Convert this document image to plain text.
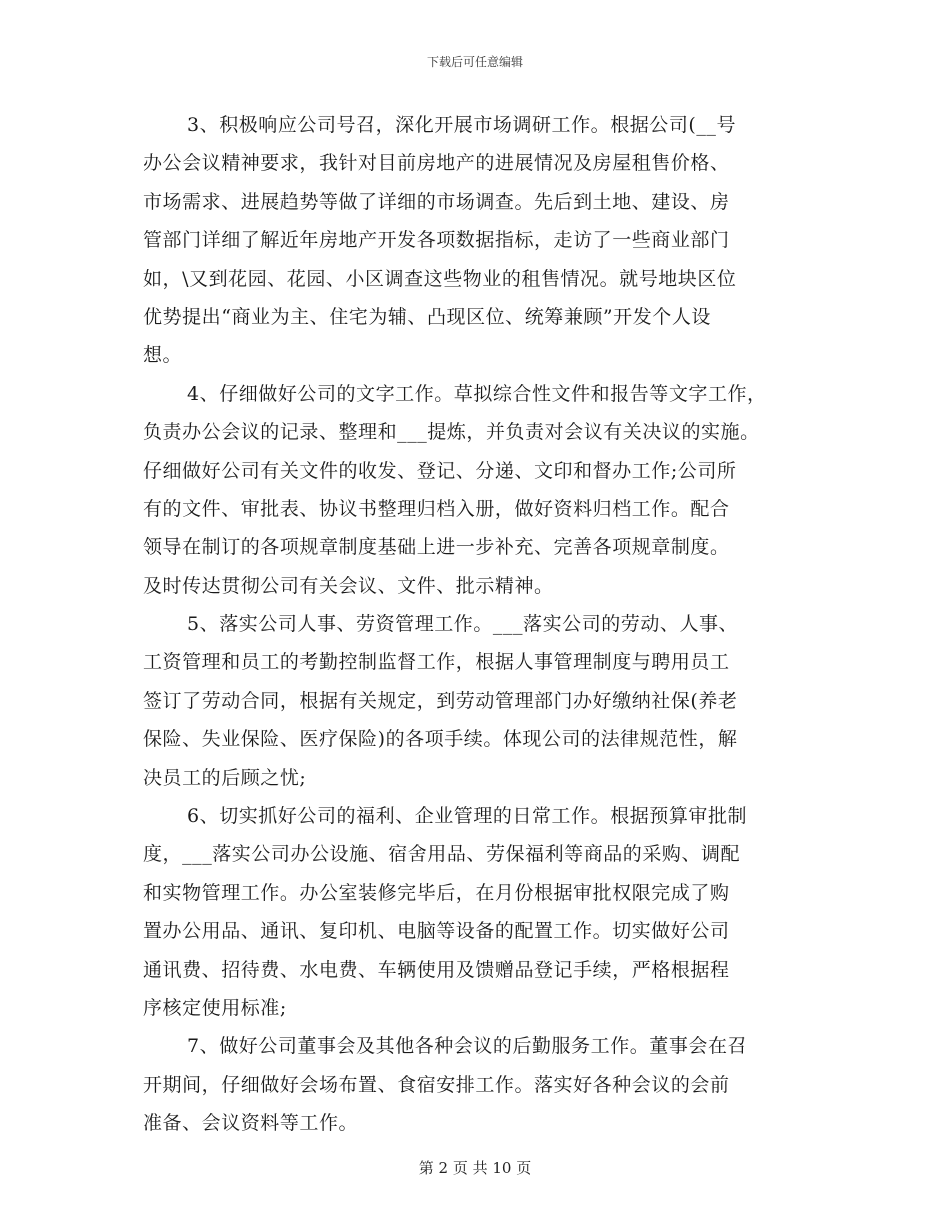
下载后可任意编辑
3、积极响应公司号召，深化开展市场调研工作。根据公司(__号
办公会议精神要求，我针对目前房地产的进展情况及房屋租售价格、
市场需求、进展趋势等做了详细的市场调查。先后到土地、建设、房
管部门详细了解近年房地产开发各项数据指标，走访了一些商业部门
如，\又到花园、花园、小区调查这些物业的租售情况。就号地块区位
优势提出“商业为主、住宅为辅、凸现区位、统筹兼顾”开发个人设
想。
4、仔细做好公司的文字工作。草拟综合性文件和报告等文字工作，
负责办公会议的记录、整理和___提炼，并负责对会议有关决议的实施。
仔细做好公司有关文件的收发、登记、分递、文印和督办工作;公司所
有的文件、审批表、协议书整理归档入册，做好资料归档工作。配合
领导在制订的各项规章制度基础上进一步补充、完善各项规章制度。
及时传达贯彻公司有关会议、文件、批示精神。
5、落实公司人事、劳资管理工作。___落实公司的劳动、人事、
工资管理和员工的考勤控制监督工作，根据人事管理制度与聘用员工
签订了劳动合同，根据有关规定，到劳动管理部门办好缴纳社保(养老
保险、失业保险、医疗保险)的各项手续。体现公司的法律规范性，解
决员工的后顾之忧;
6、切实抓好公司的福利、企业管理的日常工作。根据预算审批制
度，___落实公司办公设施、宿舍用品、劳保福利等商品的采购、调配
和实物管理工作。办公室装修完毕后，在月份根据审批权限完成了购
置办公用品、通讯、复印机、电脑等设备的配置工作。切实做好公司
通讯费、招待费、水电费、车辆使用及馈赠品登记手续，严格根据程
序核定使用标准;
7、做好公司董事会及其他各种会议的后勤服务工作。董事会在召
开期间，仔细做好会场布置、食宿安排工作。落实好各种会议的会前
准备、会议资料等工作。
第 2 页 共 10 页
